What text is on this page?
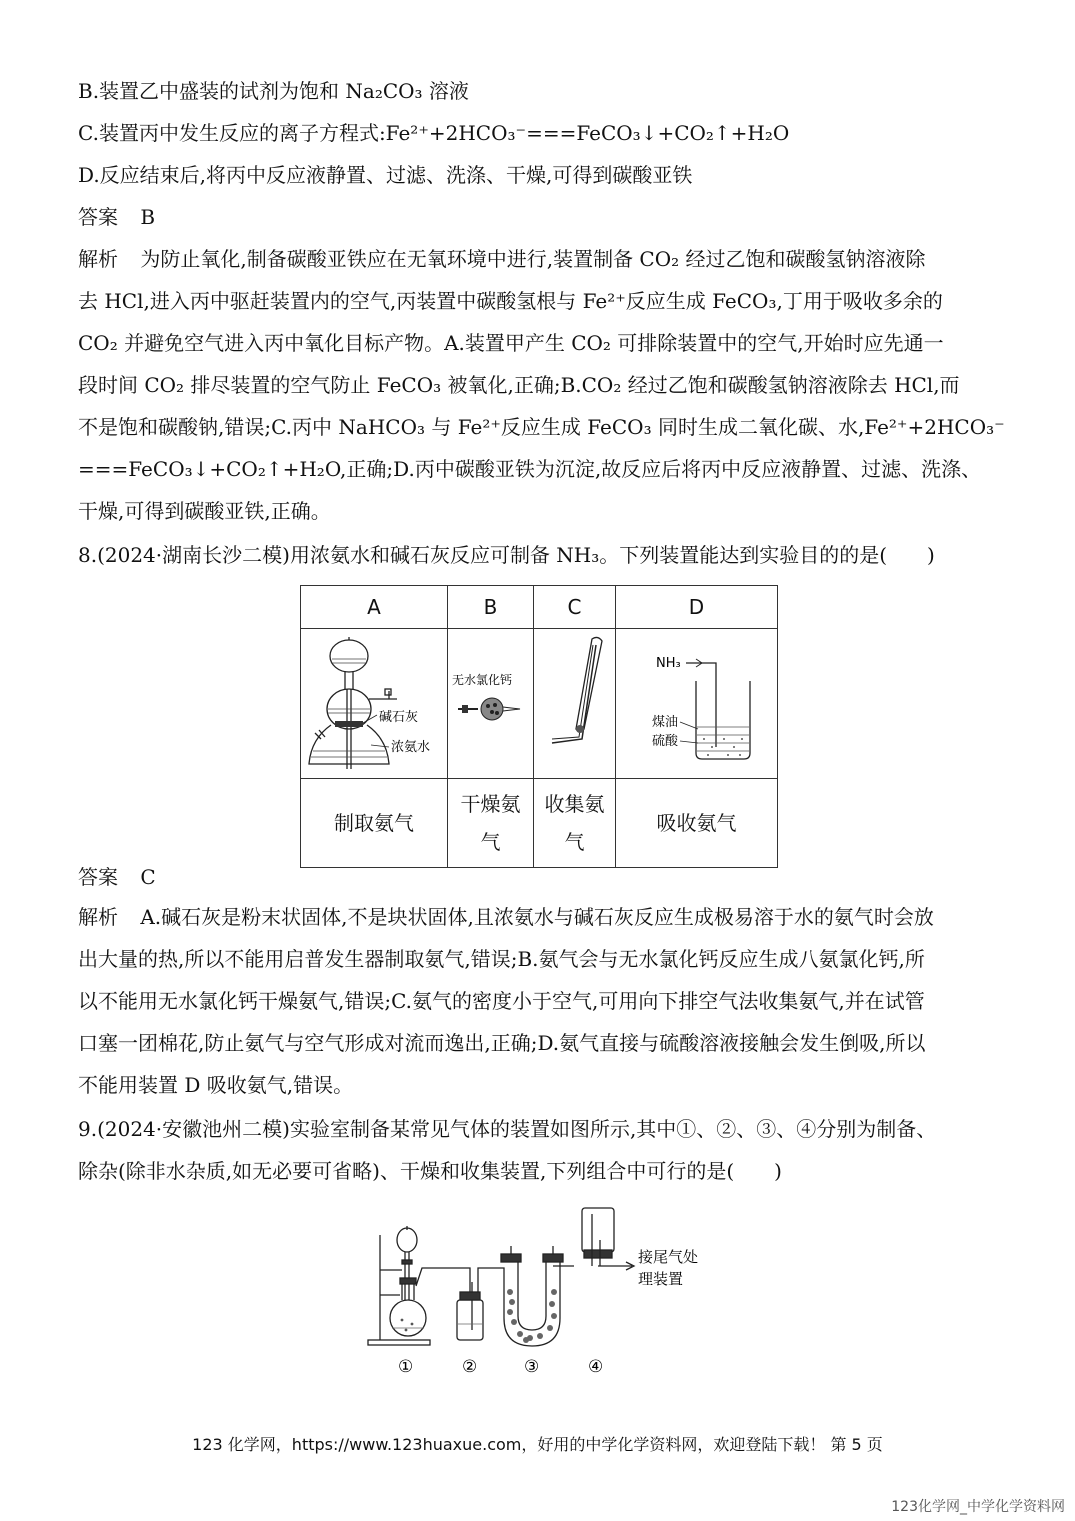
B.装置乙中盛装的试剂为饱和 Na₂CO₃ 溶液
C.装置丙中发生反应的离子方程式:Fe²⁺+2HCO₃⁻===FeCO₃↓+CO₂↑+H₂O
D.反应结束后,将丙中反应液静置、过滤、洗涤、干燥,可得到碳酸亚铁
答案 B
解析 为防止氧化,制备碳酸亚铁应在无氧环境中进行,装置制备 CO₂ 经过乙饱和碳酸氢钠溶液除
去 HCl,进入丙中驱赶装置内的空气,丙装置中碳酸氢根与 Fe²⁺反应生成 FeCO₃,丁用于吸收多余的
CO₂ 并避免空气进入丙中氧化目标产物。A.装置甲产生 CO₂ 可排除装置中的空气,开始时应先通一
段时间 CO₂ 排尽装置的空气防止 FeCO₃ 被氧化,正确;B.CO₂ 经过乙饱和碳酸氢钠溶液除去 HCl,而
不是饱和碳酸钠,错误;C.丙中 NaHCO₃ 与 Fe²⁺反应生成 FeCO₃ 同时生成二氧化碳、水,Fe²⁺+2HCO₃⁻
===FeCO₃↓+CO₂↑+H₂O,正确;D.丙中碳酸亚铁为沉淀,故反应后将丙中反应液静置、过滤、洗涤、
干燥,可得到碳酸亚铁,正确。
8.(2024·湖南长沙二模)用浓氨水和碱石灰反应可制备 NH₃。下列装置能达到实验目的的是(　　)
A	B	C	D

碱石灰
浓氨水	无水氯化钙		NH₃
煤油
硫酸

制取氨气	干燥氨气	收集氨气	吸收氨气
答案 C
解析 A.碱石灰是粉末状固体,不是块状固体,且浓氨水与碱石灰反应生成极易溶于水的氨气时会放
出大量的热,所以不能用启普发生器制取氨气,错误;B.氨气会与无水氯化钙反应生成八氨氯化钙,所
以不能用无水氯化钙干燥氨气,错误;C.氨气的密度小于空气,可用向下排空气法收集氨气,并在试管
口塞一团棉花,防止氨气与空气形成对流而逸出,正确;D.氨气直接与硫酸溶液接触会发生倒吸,所以
不能用装置 D 吸收氨气,错误。
9.(2024·安徽池州二模)实验室制备某常见气体的装置如图所示,其中①、②、③、④分别为制备、
除杂(除非水杂质,如无必要可省略)、干燥和收集装置,下列组合中可行的是(　　)
接尾气处
理装置
①	②	③	④
123 化学网，https://www.123huaxue.com，好用的中学化学资料网，欢迎登陆下载！ 第 5 页
123化学网_中学化学资料网
